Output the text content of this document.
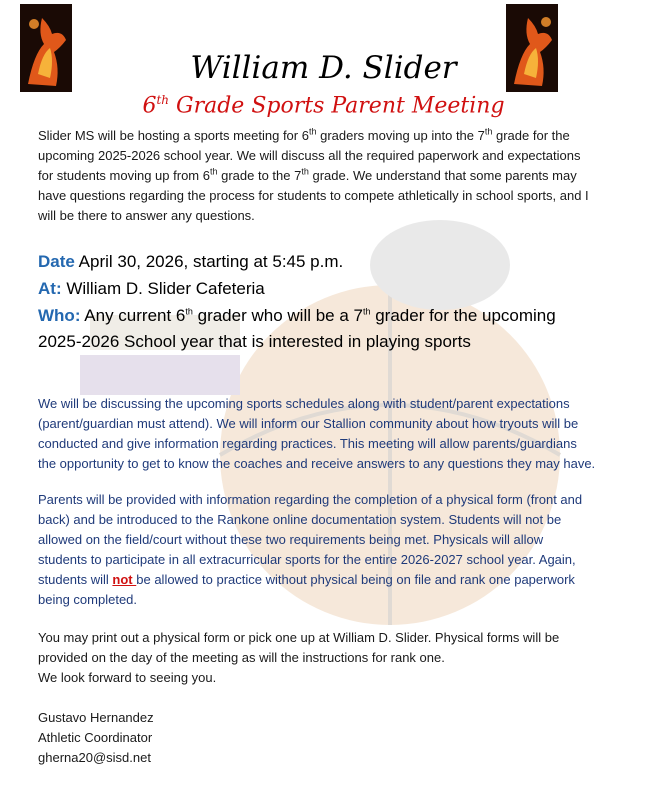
William D. Slider
6th Grade Sports Parent Meeting
Slider MS will be hosting a sports meeting for 6th graders moving up into the 7th grade for the
upcoming 2025-2026 school year. We will discuss all the required paperwork and expectations
for students moving up from 6th grade to the 7th grade. We understand that some parents may
have questions regarding the process for students to compete athletically in school sports, and I
will be there to answer any questions.
Date April 30, 2026, starting at 5:45 p.m.
At: William D. Slider Cafeteria
Who: Any current 6th grader who will be a 7th grader for the upcoming
2025-2026 School year that is interested in playing sports
We will be discussing the upcoming sports schedules along with student/parent expectations
(parent/guardian must attend). We will inform our Stallion community about how tryouts will be
conducted and give information regarding practices. This meeting will allow parents/guardians
the opportunity to get to know the coaches and receive answers to any questions they may have.
Parents will be provided with information regarding the completion of a physical form (front and
back) and be introduced to the Rankone online documentation system. Students will not be
allowed on the field/court without these two requirements being met. Physicals will allow
students to participate in all extracurricular sports for the entire 2026-2027 school year. Again,
students will not be allowed to practice without physical being on file and rank one paperwork
being completed.
You may print out a physical form or pick one up at William D. Slider. Physical forms will be
provided on the day of the meeting as will the instructions for rank one.
We look forward to seeing you.
Gustavo Hernandez
Athletic Coordinator
gherna20@sisd.net
